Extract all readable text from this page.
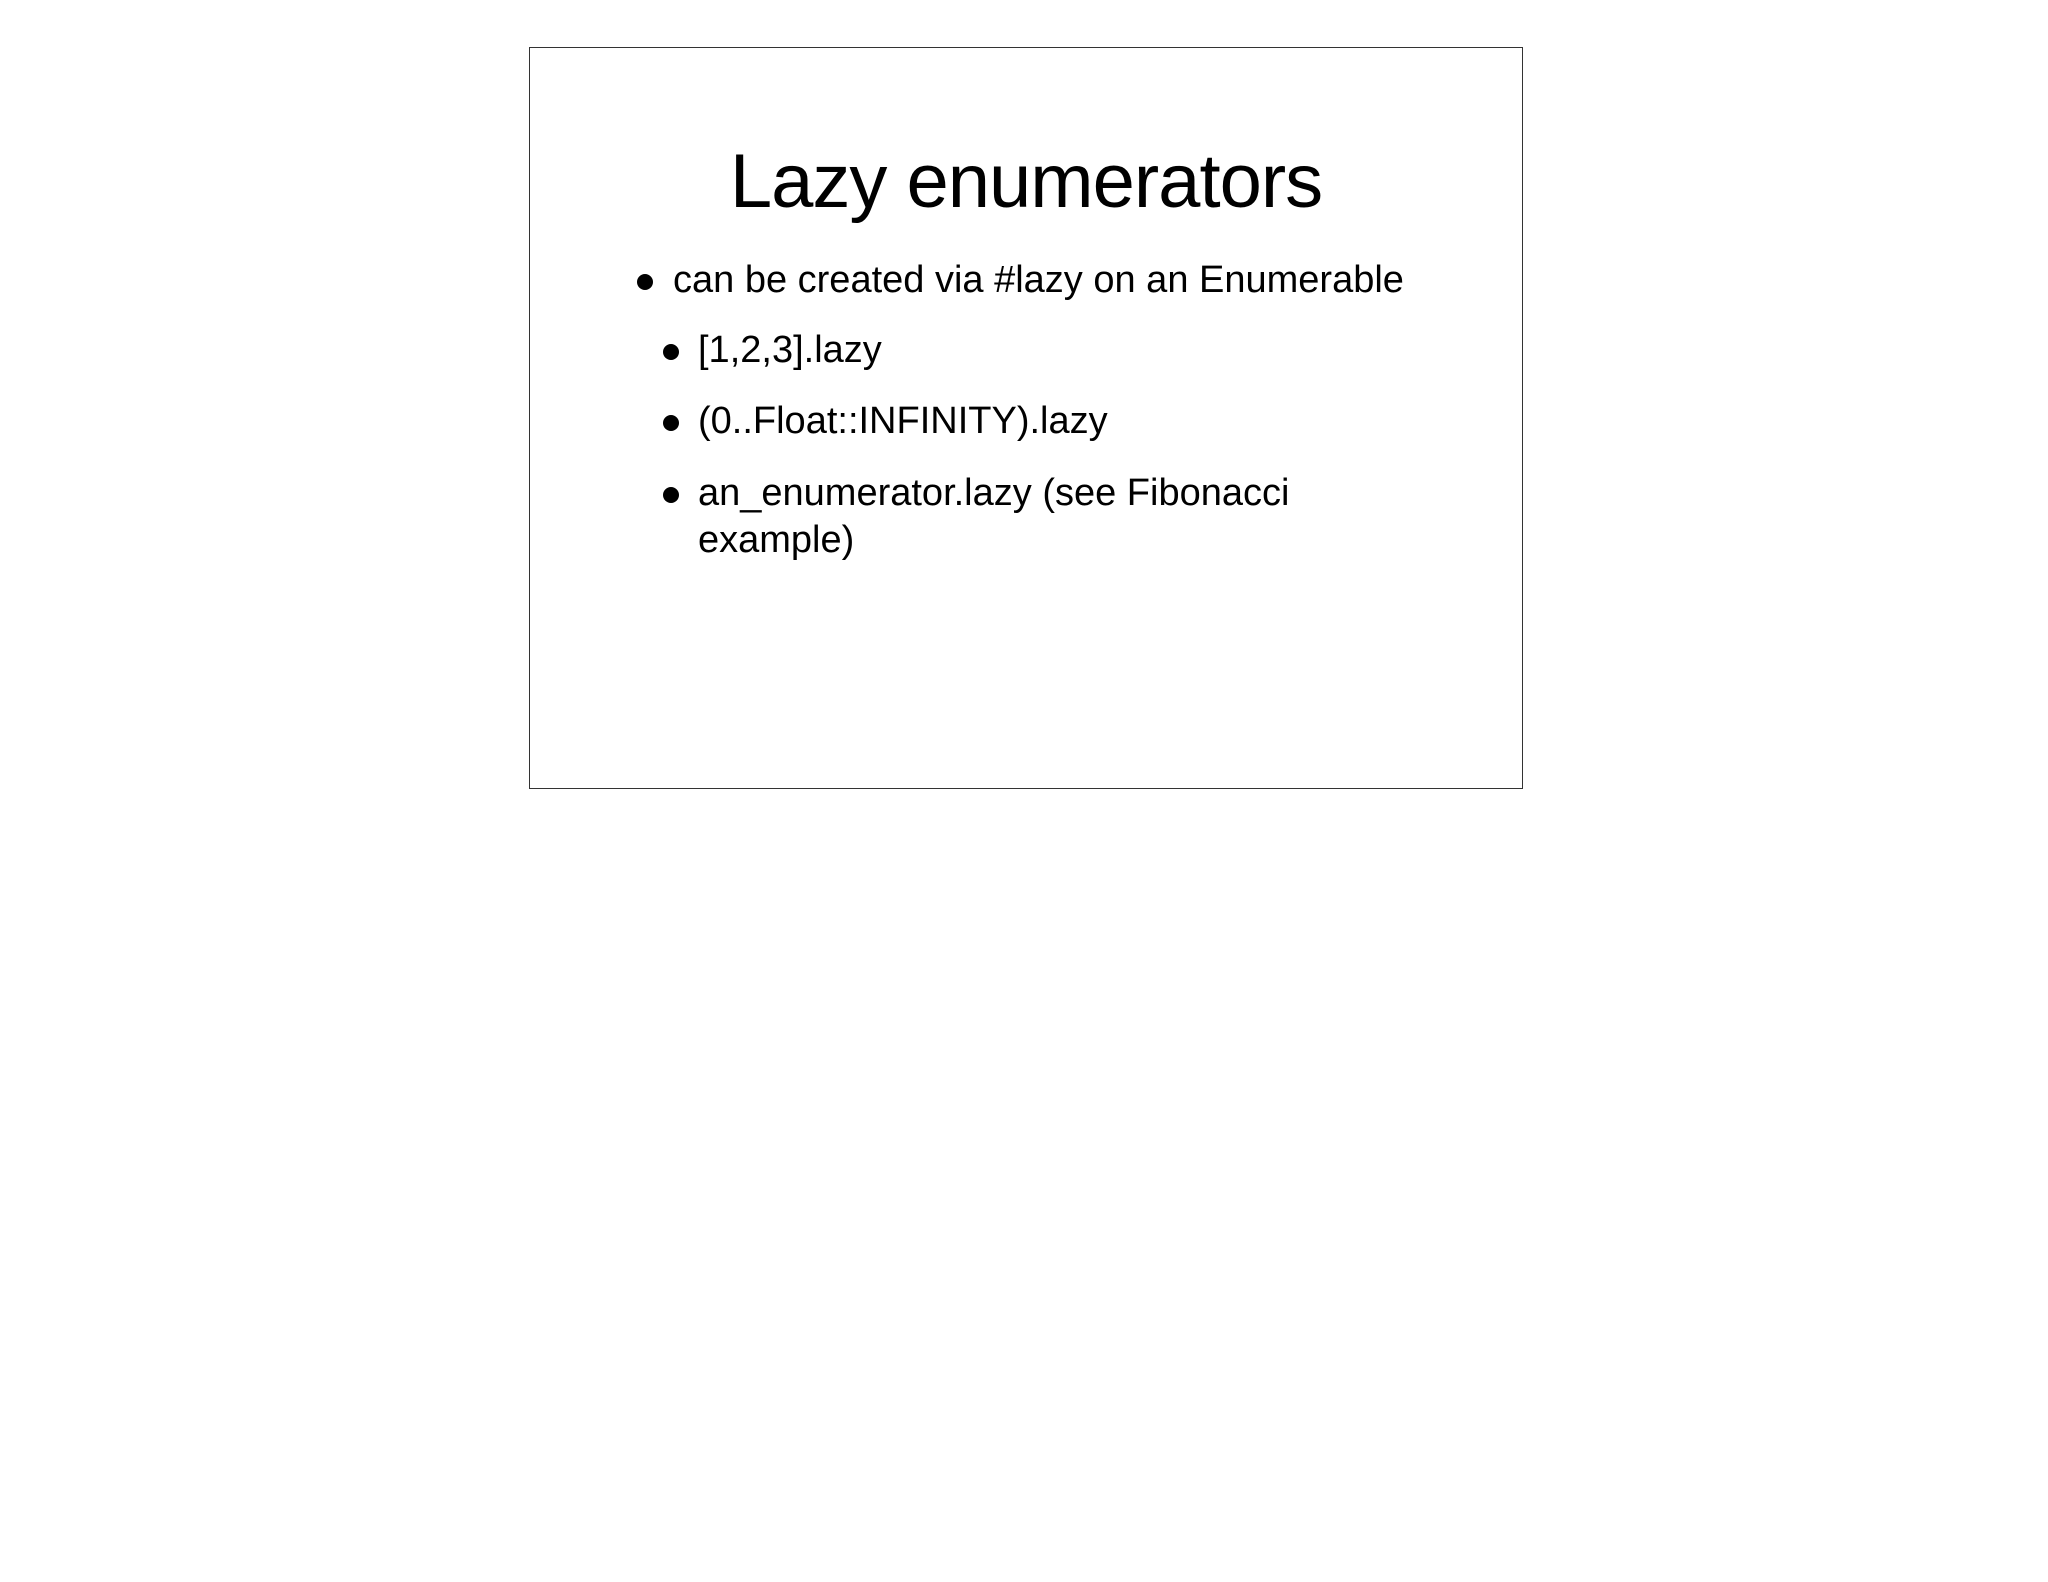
Lazy enumerators
can be created via #lazy on an Enumerable
[1,2,3].lazy
(0..Float::INFINITY).lazy
an_enumerator.lazy (see Fibonacci example)
